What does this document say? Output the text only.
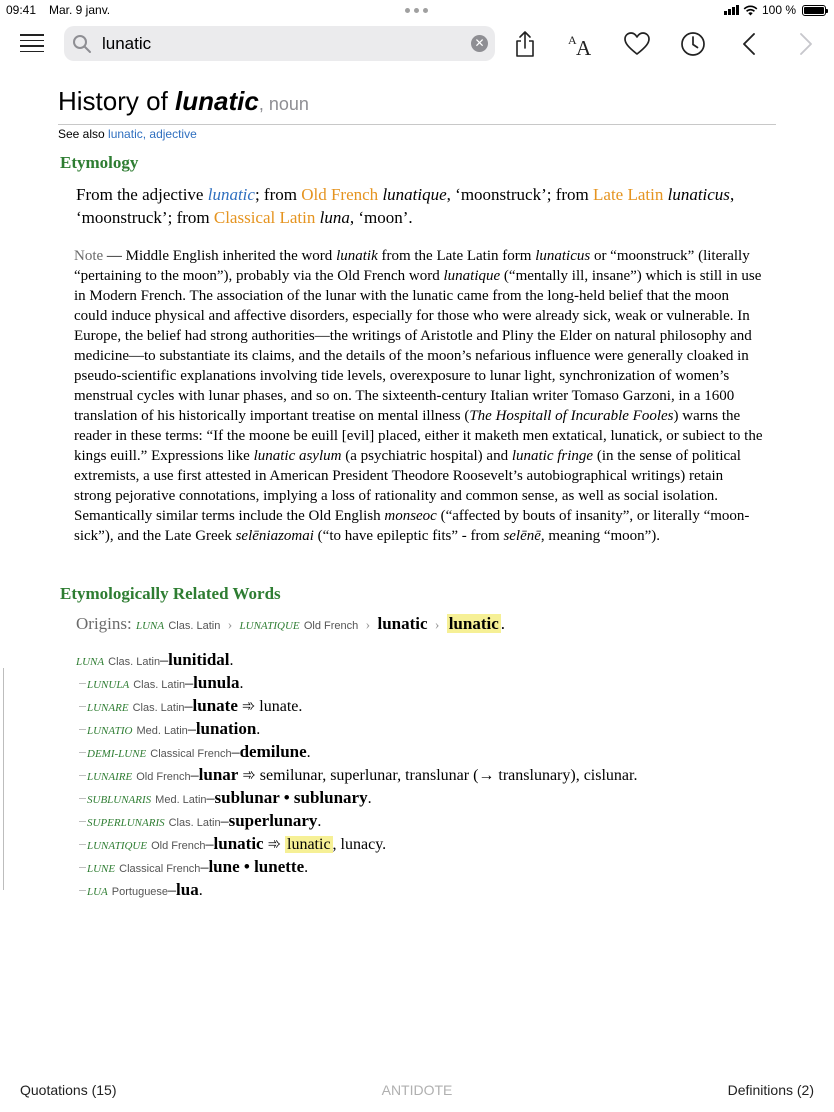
09:41 Mar. 9 janv.	100 %
lunatic
✕	A A
History of lunatic, noun
See also lunatic, adjective
Etymology
From the adjective lunatic; from Old French lunatique, ‘moonstruck’; from Late Latin lunaticus, ‘moonstruck’; from Classical Latin luna, ‘moon’.
Note — Middle English inherited the word lunatik from the Late Latin form lunaticus or “moonstruck” (literally “pertaining to the moon”), probably via the Old French word lunatique (“mentally ill, insane”) which is still in use in Modern French. The association of the lunar with the lunatic came from the long-held belief that the moon could induce physical and affective disorders, especially for those who were already sick, weak or vulnerable. In Europe, the belief had strong authorities—the writings of Aristotle and Pliny the Elder on natural philosophy and medicine—to substantiate its claims, and the details of the moon’s nefarious influence were generally cloaked in pseudo-scientific explanations involving tide levels, overexposure to lunar light, synchronization of women’s menstrual cycles with lunar phases, and so on. The sixteenth-century Italian writer Tomaso Garzoni, in a 1600 translation of his historically important treatise on mental illness (The Hospitall of Incurable Fooles) warns the reader in these terms: “If the moone be euill [evil] placed, either it maketh men extatical, lunatick, or subiect to the kings euill.” Expressions like lunatic asylum (a psychiatric hospital) and lunatic fringe (in the sense of political extremists, a use first attested in American President Theodore Roosevelt’s autobiographical writings) retain strong pejorative connotations, implying a loss of rationality and common sense, as well as social isolation. Semantically similar terms include the Old English monseoc (“affected by bouts of insanity”, or literally “moon-sick”), and the Late Greek selēniazomai (“to have epileptic fits” - from selēnē, meaning “moon”).
Etymologically Related Words
Origins: LUNA Clas. Latin › LUNATIQUE Old French › lunatic › lunatic .
LUNA Clas. Latin–lunitidal.
LUNULA Clas. Latin–lunula.
LUNARE Clas. Latin–lunate ➾ lunate.
LUNATIO Med. Latin–lunation.
DEMI-LUNE Classical French–demilune.
LUNAIRE Old French–lunar ➾ semilunar, superlunar, translunar (→ translunary), cislunar.
SUBLUNARIS Med. Latin–sublunar • sublunary.
SUPERLUNARIS Clas. Latin–superlunary.
LUNATIQUE Old French–lunatic ➾ lunatic , lunacy.
LUNE Classical French–lune • lunette.
LUA Portuguese–lua.
Quotations (15)	ANTIDOTE	Definitions (2)
